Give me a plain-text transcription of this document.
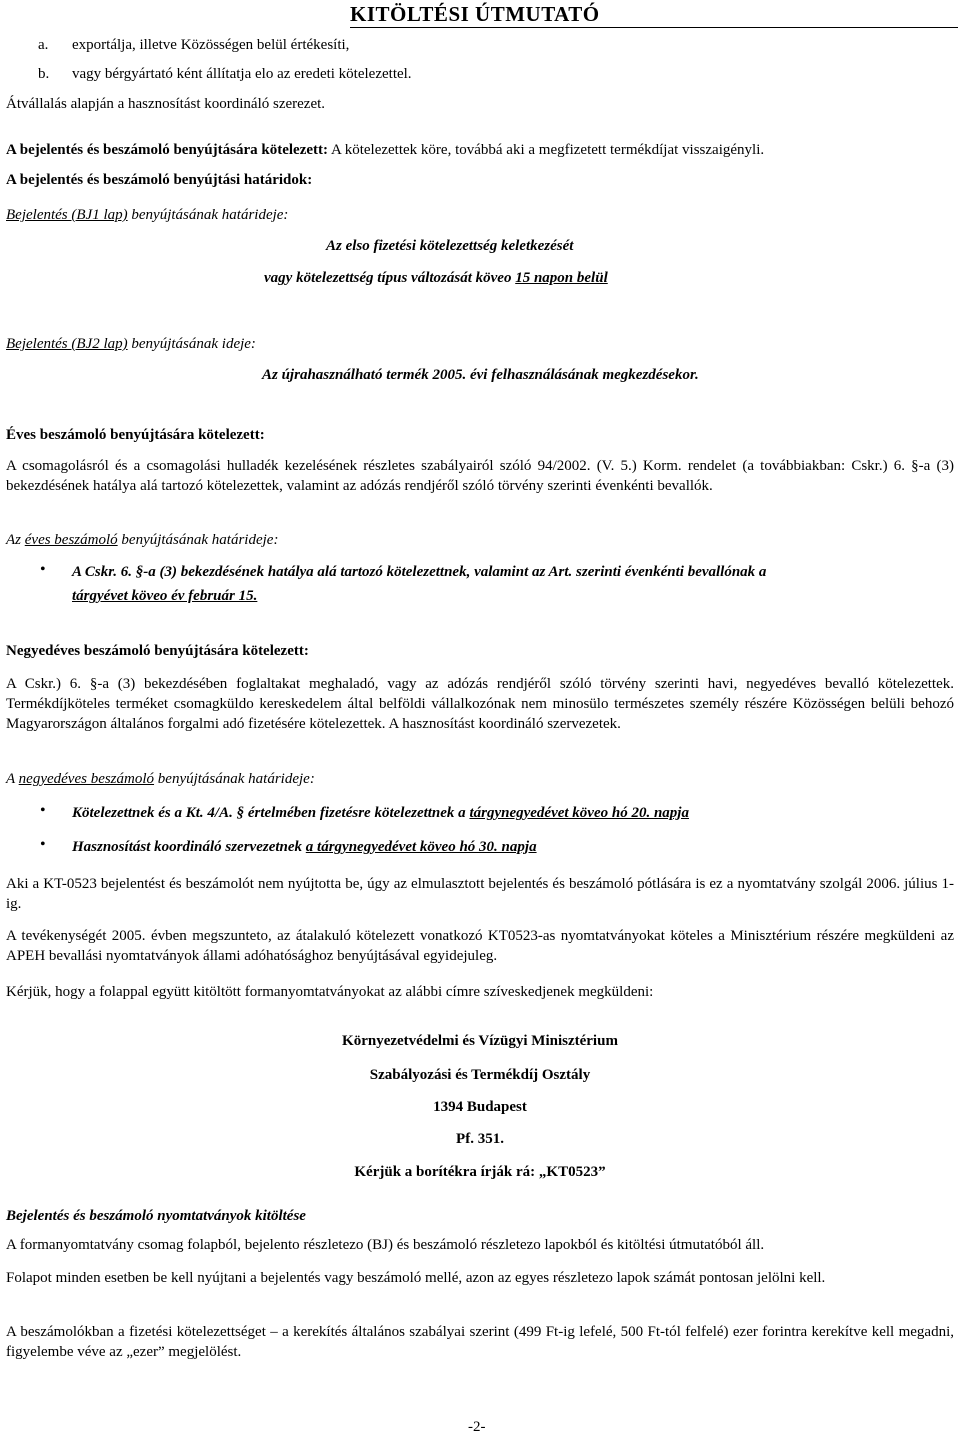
KITÖLTÉSI ÚTMUTATÓ
a. exportálja, illetve Közösségen belül értékesíti,
b. vagy bérgyártató ként állítatja elo az eredeti kötelezettel.
Átvállalás alapján a hasznosítást koordináló szerezet.
A bejelentés és beszámoló benyújtására kötelezett: A kötelezettek köre, továbbá aki a megfizetett termékdíjat visszaigényli.
A bejelentés és beszámoló benyújtási határidok:
Bejelentés (BJ1 lap) benyújtásának határideje:
Az elso fizetési kötelezettség keletkezését
vagy kötelezettség típus változását köveo 15 napon belül
Bejelentés (BJ2 lap) benyújtásának ideje:
Az újrahasználható termék 2005. évi felhasználásának megkezdésekor.
Éves beszámoló benyújtására kötelezett:
A csomagolásról és a csomagolási hulladék kezelésének részletes szabályairól szóló 94/2002. (V. 5.) Korm. rendelet (a továbbiakban: Cskr.) 6. §-a (3) bekezdésének hatálya alá tartozó kötelezettek, valamint az adózás rendjéről szóló törvény szerinti évenkénti bevallók.
Az éves beszámoló benyújtásának határideje:
• A Cskr. 6. §-a (3) bekezdésének hatálya alá tartozó kötelezettnek, valamint az Art. szerinti évenkénti bevallónak a
tárgyévet köveo év február 15.
Negyedéves beszámoló benyújtására kötelezett:
A Cskr.) 6. §-a (3) bekezdésében foglaltakat meghaladó, vagy az adózás rendjéről szóló törvény szerinti havi, negyedéves bevalló kötelezettek. Termékdíjköteles terméket csomagküldo kereskedelem által belföldi vállalkozónak nem minosülo természetes személy részére Közösségen belüli behozó Magyarországon általános forgalmi adó fizetésére kötelezettek. A hasznosítást koordináló szervezetek.
A negyedéves beszámoló benyújtásának határideje:
• Kötelezettnek és a Kt. 4/A. § értelmében fizetésre kötelezettnek a tárgynegyedévet köveo hó 20. napja
• Hasznosítást koordináló szervezetnek a tárgynegyedévet köveo hó 30. napja
Aki a KT-0523 bejelentést és beszámolót nem nyújtotta be, úgy az elmulasztott bejelentés és beszámoló pótlására is ez a nyomtatvány szolgál 2006. július 1-ig.
A tevékenységét 2005. évben megszunteto, az átalakuló kötelezett vonatkozó KT0523-as nyomtatványokat köteles a Minisztérium részére megküldeni az APEH bevallási nyomtatványok állami adóhatósághoz benyújtásával egyidejuleg.
Kérjük, hogy a folappal együtt kitöltött formanyomtatványokat az alábbi címre szíveskedjenek megküldeni:
Környezetvédelmi és Vízügyi Minisztérium
Szabályozási és Termékdíj Osztály
1394 Budapest
Pf. 351.
Kérjük a borítékra írják rá: „KT0523”
Bejelentés és beszámoló nyomtatványok kitöltése
A formanyomtatvány csomag folapból, bejelento részletezo (BJ) és beszámoló részletezo lapokból és kitöltési útmutatóból áll.
Folapot minden esetben be kell nyújtani a bejelentés vagy beszámoló mellé, azon az egyes részletezo lapok számát pontosan jelölni kell.
A beszámolókban a fizetési kötelezettséget – a kerekítés általános szabályai szerint (499 Ft-ig lefelé, 500 Ft-tól felfelé) ezer forintra kerekítve kell megadni, figyelembe véve az „ezer” megjelölést.
-2-
